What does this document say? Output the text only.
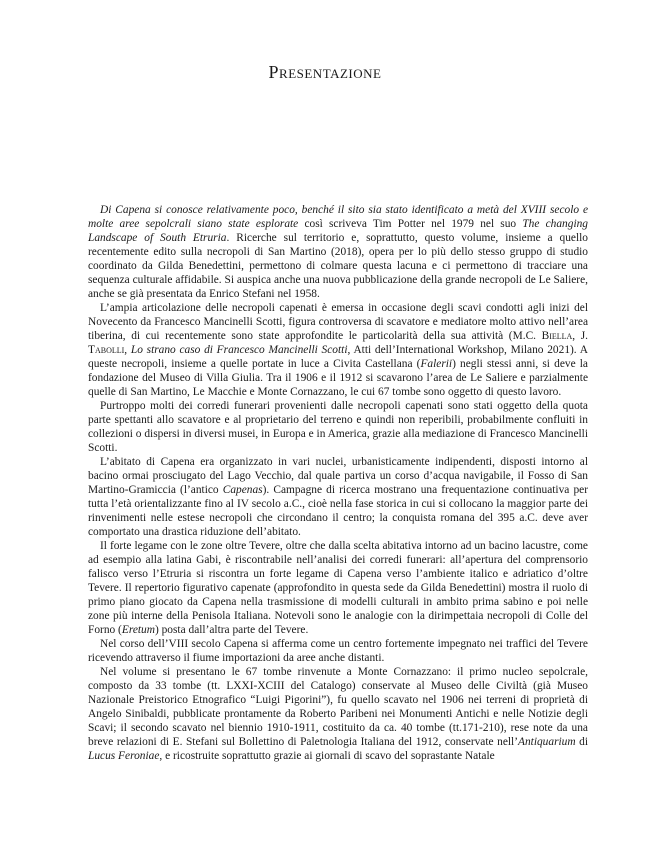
Presentazione

Di Capena si conosce relativamente poco, benché il sito sia stato identificato a metà del XVIII secolo e molte aree sepolcrali siano state esplorate così scriveva Tim Potter nel 1979 nel suo The changing Landscape of South Etruria. Ricerche sul territorio e, soprattutto, questo volume, insieme a quello recentemente edito sulla necropoli di San Martino (2018), opera per lo più dello stesso gruppo di studio coordinato da Gilda Benedettini, permettono di colmare questa lacuna e ci permettono di tracciare una sequenza culturale affidabile. Si auspica anche una nuova pubblicazione della grande necropoli de Le Saliere, anche se già presentata da Enrico Stefani nel 1958.

L’ampia articolazione delle necropoli capenati è emersa in occasione degli scavi condotti agli inizi del Novecento da Francesco Mancinelli Scotti, figura controversa di scavatore e mediatore molto attivo nell’area tiberina, di cui recentemente sono state approfondite le particolarità della sua attività (M.C. Biella, J. Tabolli, Lo strano caso di Francesco Mancinelli Scotti, Atti dell’International Workshop, Milano 2021). A queste necropoli, insieme a quelle portate in luce a Civita Castellana (Falerii) negli stessi anni, si deve la fondazione del Museo di Villa Giulia. Tra il 1906 e il 1912 si scavarono l’area de Le Saliere e parzialmente quelle di San Martino, Le Macchie e Monte Cornazzano, le cui 67 tombe sono oggetto di questo lavoro.

Purtroppo molti dei corredi funerari provenienti dalle necropoli capenati sono stati oggetto della quota parte spettanti allo scavatore e al proprietario del terreno e quindi non reperibili, probabilmente confluiti in collezioni o dispersi in diversi musei, in Europa e in America, grazie alla mediazione di Francesco Mancinelli Scotti.

L’abitato di Capena era organizzato in vari nuclei, urbanisticamente indipendenti, disposti intorno al bacino ormai prosciugato del Lago Vecchio, dal quale partiva un corso d’acqua navigabile, il Fosso di San Martino-Gramiccia (l’antico Capenas). Campagne di ricerca mostrano una frequentazione continuativa per tutta l’età orientalizzante fino al IV secolo a.C., cioè nella fase storica in cui si collocano la maggior parte dei rinvenimenti nelle estese necropoli che circondano il centro; la conquista romana del 395 a.C. deve aver comportato una drastica riduzione dell’abitato.

Il forte legame con le zone oltre Tevere, oltre che dalla scelta abitativa intorno ad un bacino lacustre, come ad esempio alla latina Gabi, è riscontrabile nell’analisi dei corredi funerari: all’apertura del comprensorio falisco verso l’Etruria si riscontra un forte legame di Capena verso l’ambiente italico e adriatico d’oltre Tevere. Il repertorio figurativo capenate (approfondito in questa sede da Gilda Benedettini) mostra il ruolo di primo piano giocato da Capena nella trasmissione di modelli culturali in ambito prima sabino e poi nelle zone più interne della Penisola Italiana. Notevoli sono le analogie con la dirimpettaia necropoli di Colle del Forno (Eretum) posta dall’altra parte del Tevere.

Nel corso dell’VIII secolo Capena si afferma come un centro fortemente impegnato nei traffici del Tevere ricevendo attraverso il fiume importazioni da aree anche distanti.

Nel volume si presentano le 67 tombe rinvenute a Monte Cornazzano: il primo nucleo sepolcrale, composto da 33 tombe (tt. LXXI-XCIII del Catalogo) conservate al Museo delle Civiltà (già Museo Nazionale Preistorico Etnografico “Luigi Pigorini”), fu quello scavato nel 1906 nei terreni di proprietà di Angelo Sinibaldi, pubblicate prontamente da Roberto Paribeni nei Monumenti Antichi e nelle Notizie degli Scavi; il secondo scavato nel biennio 1910-1911, costituito da ca. 40 tombe (tt.171-210), rese note da una breve relazioni di E. Stefani sul Bollettino di Paletnologia Italiana del 1912, conservate nell’Antiquarium di Lucus Feroniae, e ricostruite soprattutto grazie ai giornali di scavo del soprastante Natale
